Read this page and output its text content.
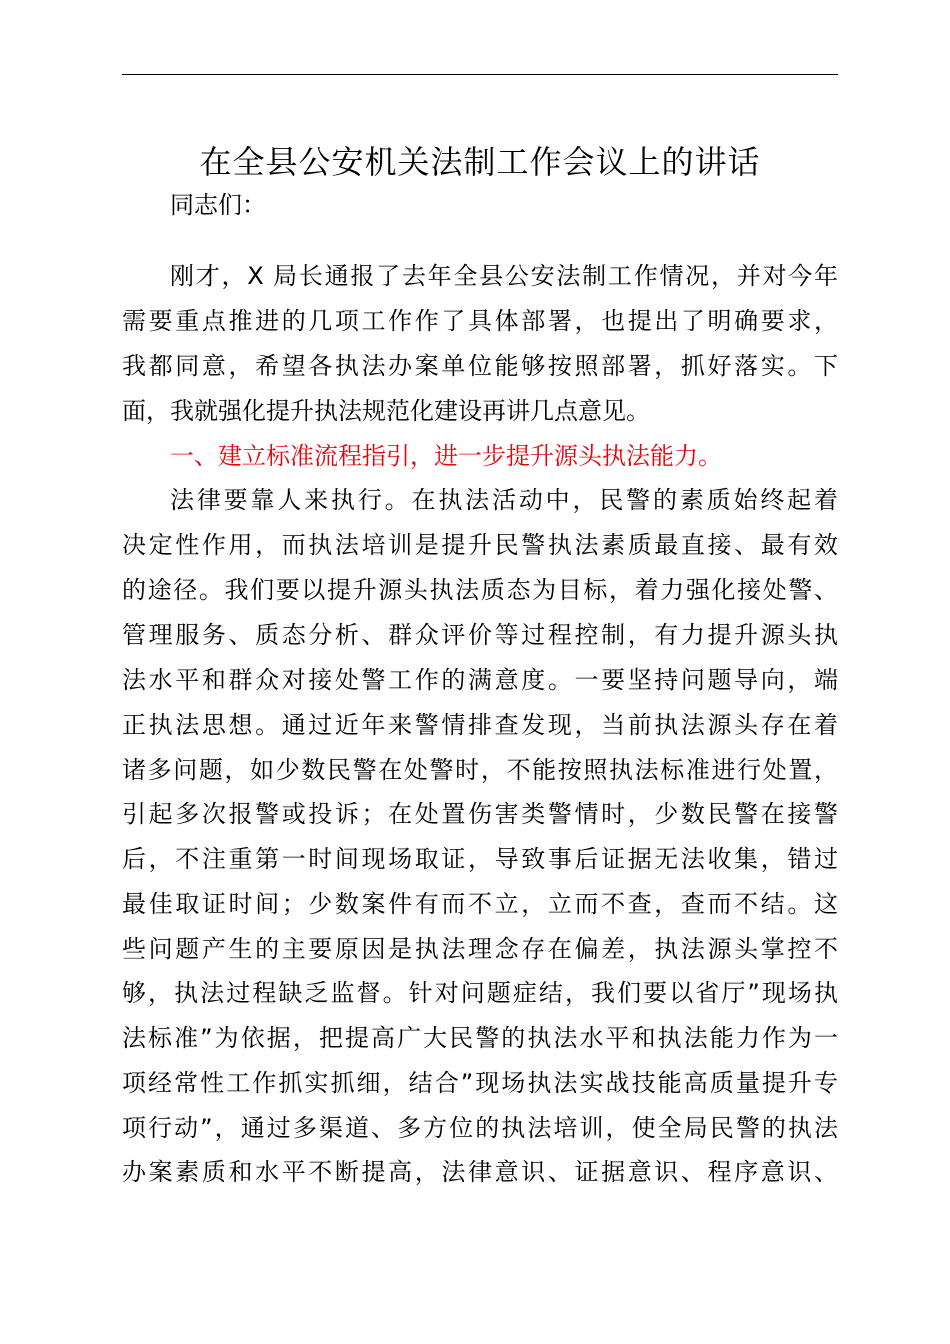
在全县公安机关法制工作会议上的讲话
同志们：
刚才，X 局长通报了去年全县公安法制工作情况，并对今年
需要重点推进的几项工作作了具体部署，也提出了明确要求，
我都同意，希望各执法办案单位能够按照部署，抓好落实。下
面，我就强化提升执法规范化建设再讲几点意见。
一、建立标准流程指引，进一步提升源头执法能力。
法律要靠人来执行。在执法活动中，民警的素质始终起着
决定性作用，而执法培训是提升民警执法素质最直接、最有效
的途径。我们要以提升源头执法质态为目标，着力强化接处警、
管理服务、质态分析、群众评价等过程控制，有力提升源头执
法水平和群众对接处警工作的满意度。一要坚持问题导向，端
正执法思想。通过近年来警情排查发现，当前执法源头存在着
诸多问题，如少数民警在处警时，不能按照执法标准进行处置，
引起多次报警或投诉；在处置伤害类警情时，少数民警在接警
后，不注重第一时间现场取证，导致事后证据无法收集，错过
最佳取证时间；少数案件有而不立，立而不查，查而不结。这
些问题产生的主要原因是执法理念存在偏差，执法源头掌控不
够，执法过程缺乏监督。针对问题症结，我们要以省厅”现场执
法标准”为依据，把提高广大民警的执法水平和执法能力作为一
项经常性工作抓实抓细，结合”现场执法实战技能高质量提升专
项行动”，通过多渠道、多方位的执法培训，使全局民警的执法
办案素质和水平不断提高，法律意识、证据意识、程序意识、
